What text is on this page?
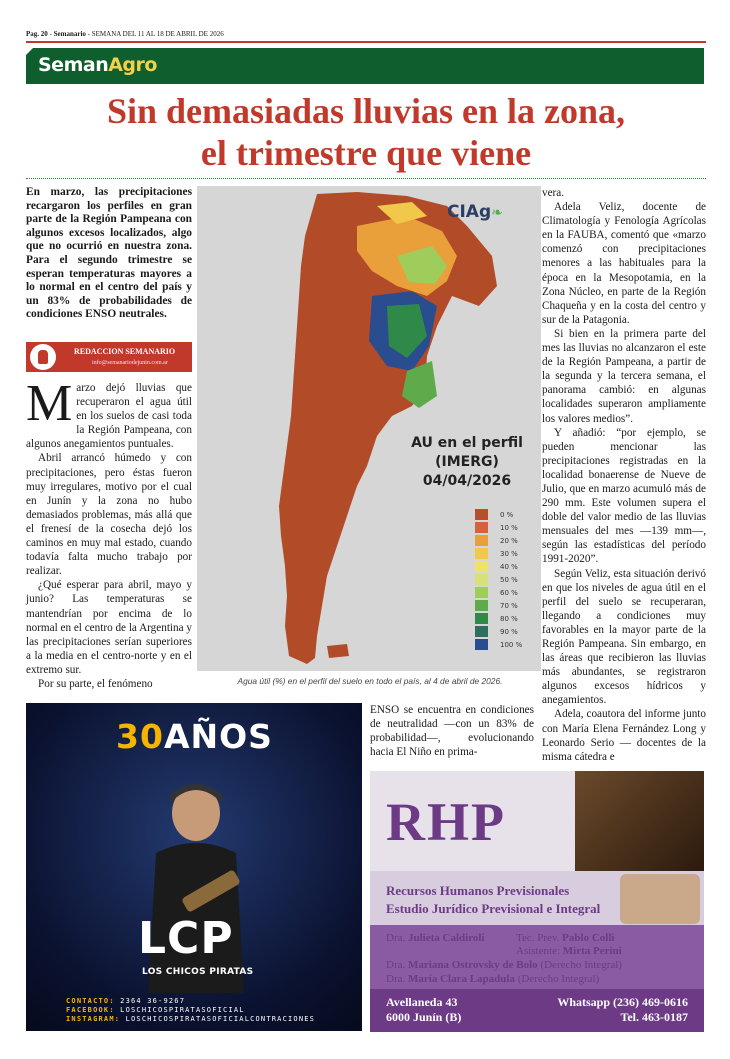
Pag. 20 - Semanario - SEMANA DEL 11 AL 18 DE ABRIL DE 2026
SemanAgro
Sin demasiadas lluvias en la zona,
el trimestre que viene
En marzo, las precipitaciones recargaron los perfiles en gran parte de la Región Pampeana con algunos excesos localizados, algo que no ocurrió en nuestra zona. Para el segundo trimestre se esperan temperaturas mayores a lo normal en el centro del país y un 83% de probabilidades de condiciones ENSO neutrales.
REDACCION SEMANARIO
info@semanariodejunin.com.ar

Marzo dejó lluvias que recuperaron el agua útil en los suelos de casi toda la Región Pampeana, con algunos anegamientos puntuales.

Abril arrancó húmedo y con precipitaciones, pero éstas fueron muy irregulares, motivo por el cual en Junín y la zona no hubo demasiados problemas, más allá que el frenesí de la cosecha dejó los caminos en muy mal estado, cuando todavía falta mucho trabajo por realizar.

¿Qué esperar para abril, mayo y junio? Las temperaturas se mantendrían por encima de lo normal en el centro de la Argentina y las precipitaciones serían superiores a la media en el centro-norte y en el extremo sur.

Por su parte, el fenómeno

CIAg❧
AU en el perfil
(IMERG)
04/04/2026
0 %
10 %
20 %
30 %
40 %
50 %
60 %
70 %
80 %
90 %
100 %
Agua útil (%) en el perfil del suelo en todo el país, al 4 de abril de 2026.

ENSO se encuentra en condiciones de neutralidad —con un 83% de probabilidad—, evolucionando hacia El Niño en prima-

vera.

Adela Veliz, docente de Climatología y Fenología Agrícolas en la FAUBA, comentó que «marzo comenzó con precipitaciones menores a las habituales para la época en la Mesopotamia, en la Zona Núcleo, en parte de la Región Chaqueña y en la costa del centro y sur de la Patagonia.

Si bien en la primera parte del mes las lluvias no alcanzaron el este de la Región Pampeana, a partir de la segunda y la tercera semana, el panorama cambió: en algunas localidades superaron ampliamente los valores medios”.

Y añadió: “por ejemplo, se pueden mencionar las precipitaciones registradas en la localidad bonaerense de Nueve de Julio, que en marzo acumuló más de 290 mm. Este volumen supera el doble del valor medio de las lluvias mensuales del mes —139 mm—, según las estadísticas del período 1991-2020”.

Según Veliz, esta situación derivó en que los niveles de agua útil en el perfil del suelo se recuperaran, llegando a condiciones muy favorables en la mayor parte de la Región Pampeana. Sin embargo, en las áreas que recibieron las lluvias más abundantes, se registraron algunos excesos hídricos y anegamientos.

Adela, coautora del informe junto con María Elena Fernández Long y Leonardo Serio — docentes de la misma cátedra e

30AÑOS
LCP
LOS CHICOS PIRATAS
CONTACTO: 2364 36-9267
FACEBOOK: LOSCHICOSPIRATASOFICIAL
INSTAGRAM: LOSCHICOSPIRATASOFICIALCONTRACIONES
RHP
Recursos Humanos Previsionales
Estudio Jurídico Previsional e Integral
Dra. Julieta Caldiroli	Tec. Prev. Pablo Colli
Asistente: Mirta Perini
Dra. Mariana Ostrovsky de Bolo (Derecho Integral)
Dra. María Clara Lapadula (Derecho Integral)
Avellaneda 43
6000 Junín (B)
Whatsapp (236) 469-0616
Tel. 463-0187
